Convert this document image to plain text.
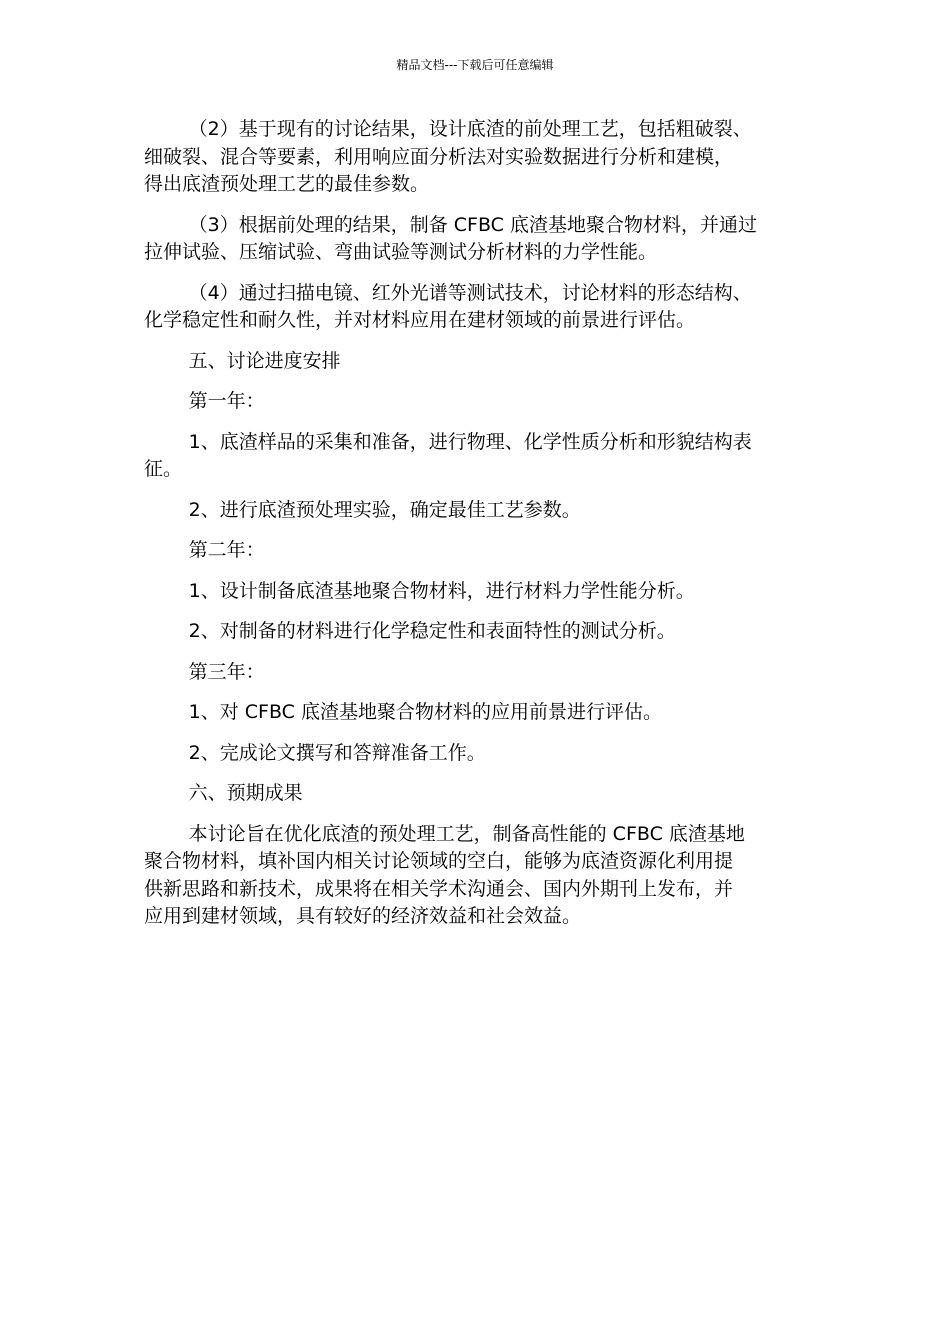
精品文档---下载后可任意编辑

（2）基于现有的讨论结果，设计底渣的前处理工艺，包括粗破裂、
细破裂、混合等要素，利用响应面分析法对实验数据进行分析和建模，
得出底渣预处理工艺的最佳参数。

（3）根据前处理的结果，制备 CFBC 底渣基地聚合物材料，并通过
拉伸试验、压缩试验、弯曲试验等测试分析材料的力学性能。

（4）通过扫描电镜、红外光谱等测试技术，讨论材料的形态结构、
化学稳定性和耐久性，并对材料应用在建材领域的前景进行评估。

五、讨论进度安排

第一年：

1、底渣样品的采集和准备，进行物理、化学性质分析和形貌结构表
征。

2、进行底渣预处理实验，确定最佳工艺参数。

第二年：

1、设计制备底渣基地聚合物材料，进行材料力学性能分析。

2、对制备的材料进行化学稳定性和表面特性的测试分析。

第三年：

1、对 CFBC 底渣基地聚合物材料的应用前景进行评估。

2、完成论文撰写和答辩准备工作。

六、预期成果

本讨论旨在优化底渣的预处理工艺，制备高性能的 CFBC 底渣基地
聚合物材料，填补国内相关讨论领域的空白，能够为底渣资源化利用提
供新思路和新技术，成果将在相关学术沟通会、国内外期刊上发布，并
应用到建材领域，具有较好的经济效益和社会效益。
